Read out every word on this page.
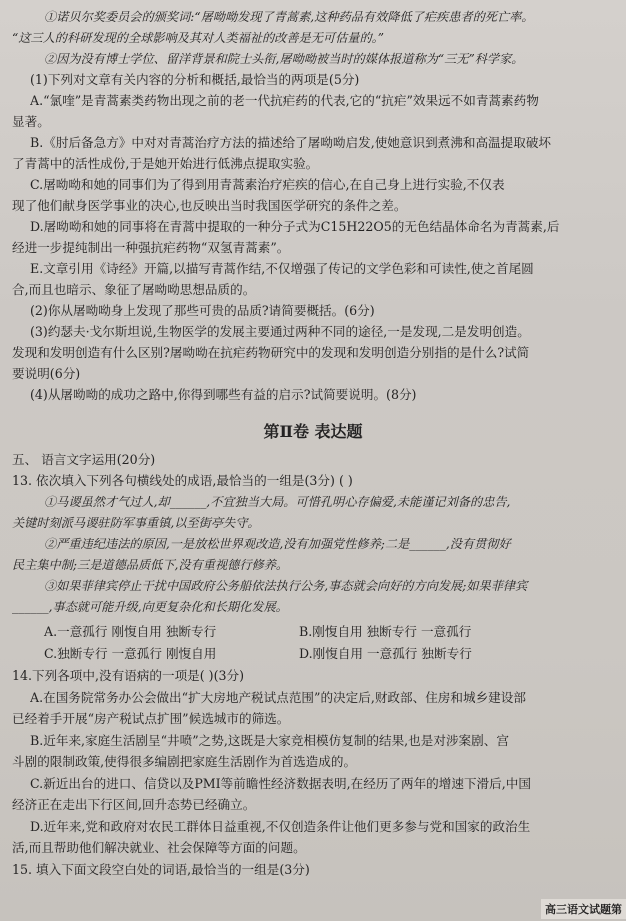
①诺贝尔奖委员会的颁奖词:“屠呦呦发现了青蒿素,这种药品有效降低了疟疾患者的死亡率。
“这三人的科研发现的全球影响及其对人类福祉的改善是无可估量的。”
②因为没有博士学位、留洋背景和院士头衔,屠呦呦被当时的媒体报道称为“三无”科学家。
(1)下列对文章有关内容的分析和概括,最恰当的两项是(5分)
A.“氯喹”是青蒿素类药物出现之前的老一代抗疟药的代表,它的“抗疟”效果远不如青蒿素药物
显著。
B.《肘后备急方》中对对青蒿治疗方法的描述给了屠呦呦启发,使她意识到煮沸和高温提取破坏
了青蒿中的活性成份,于是她开始进行低沸点提取实验。
C.屠呦呦和她的同事们为了得到用青蒿素治疗疟疾的信心,在自己身上进行实验,不仅表
现了他们献身医学事业的决心,也反映出当时我国医学研究的条件之差。
D.屠呦呦和她的同事将在青蒿中提取的一种分子式为C15H22O5的无色结晶体命名为青蒿素,后
经进一步提纯制出一种强抗疟药物“双氢青蒿素”。
E.文章引用《诗经》开篇,以描写青蒿作结,不仅增强了传记的文学色彩和可读性,使之首尾圆
合,而且也暗示、象征了屠呦呦思想品质的。
(2)你从屠呦呦身上发现了那些可贵的品质?请简要概括。(6分)
(3)约瑟夫·戈尔斯坦说,生物医学的发展主要通过两种不同的途径,一是发现,二是发明创造。
发现和发明创造有什么区别?屠呦呦在抗疟药物研究中的发现和发明创造分别指的是什么?试简
要说明(6分)
(4)从屠呦呦的成功之路中,你得到哪些有益的启示?试简要说明。(8分)
第Ⅱ卷 表达题
五、 语言文字运用(20分)
13. 依次填入下列各句横线处的成语,最恰当的一组是(3分) ( )
①马谡虽然才气过人,却______,不宜独当大局。可惜孔明心存偏爱,未能谨记刘备的忠告,
关键时刻派马谡驻防军事重镇,以至街亭失守。
②严重违纪违法的原因,一是放松世界观改造,没有加强党性修养;二是______,没有贯彻好
民主集中制;三是道德品质低下,没有重视德行修养。
③如果菲律宾停止干扰中国政府公务船依法执行公务,事态就会向好的方向发展;如果菲律宾
______,事态就可能升级,向更复杂化和长期化发展。
A.一意孤行 刚愎自用 独断专行	B.刚愎自用 独断专行 一意孤行
C.独断专行 一意孤行 刚愎自用	D.刚愎自用 一意孤行 独断专行
14.下列各项中,没有语病的一项是( )(3分)
A.在国务院常务办公会做出“扩大房地产税试点范围”的决定后,财政部、住房和城乡建设部
已经着手开展“房产税试点扩围”候选城市的筛选。
B.近年来,家庭生活剧呈“井喷”之势,这既是大家竞相模仿复制的结果,也是对涉案剧、宫
斗剧的限制政策,使得很多编剧把家庭生活剧作为首选造成的。
C.新近出台的进口、信贷以及PMI等前瞻性经济数据表明,在经历了两年的增速下滑后,中国
经济正在走出下行区间,回升态势已经确立。
D.近年来,党和政府对农民工群体日益重视,不仅创造条件让他们更多参与党和国家的政治生
活,而且帮助他们解决就业、社会保障等方面的问题。
15. 填入下面文段空白处的词语,最恰当的一组是(3分)
高三语文试题第
